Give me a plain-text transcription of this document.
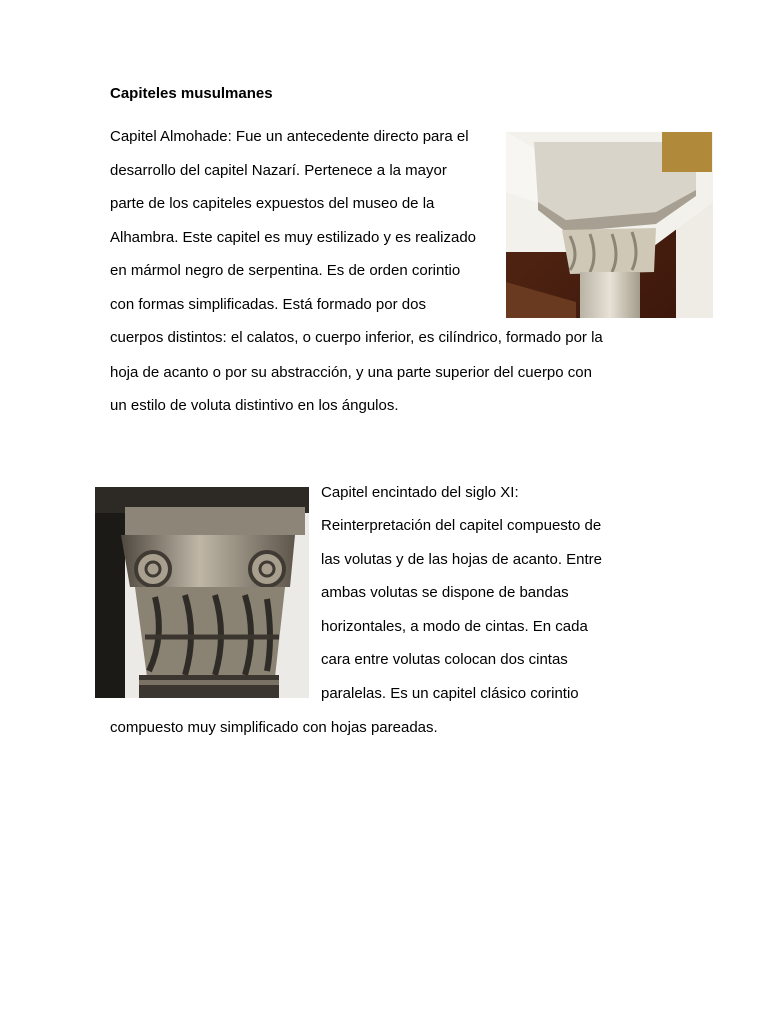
Capiteles musulmanes
Capitel Almohade: Fue un antecedente directo para el
desarrollo del capitel Nazarí. Pertenece a la mayor
parte de los capiteles expuestos del museo de la
Alhambra. Este capitel es muy estilizado y es realizado
en mármol negro de serpentina. Es de orden corintio
con formas simplificadas. Está formado por dos
cuerpos distintos: el calatos, o cuerpo inferior, es cilíndrico, formado por la
hoja de acanto o por su abstracción, y una parte superior del cuerpo con
un estilo de voluta distintivo en los ángulos.
Capitel encintado del siglo XI:
Reinterpretación del capitel compuesto de
las volutas y de las hojas de acanto. Entre
ambas volutas se dispone de bandas
horizontales, a modo de cintas. En cada
cara entre volutas colocan dos cintas
paralelas. Es un capitel clásico corintio
compuesto muy simplificado con hojas pareadas.
